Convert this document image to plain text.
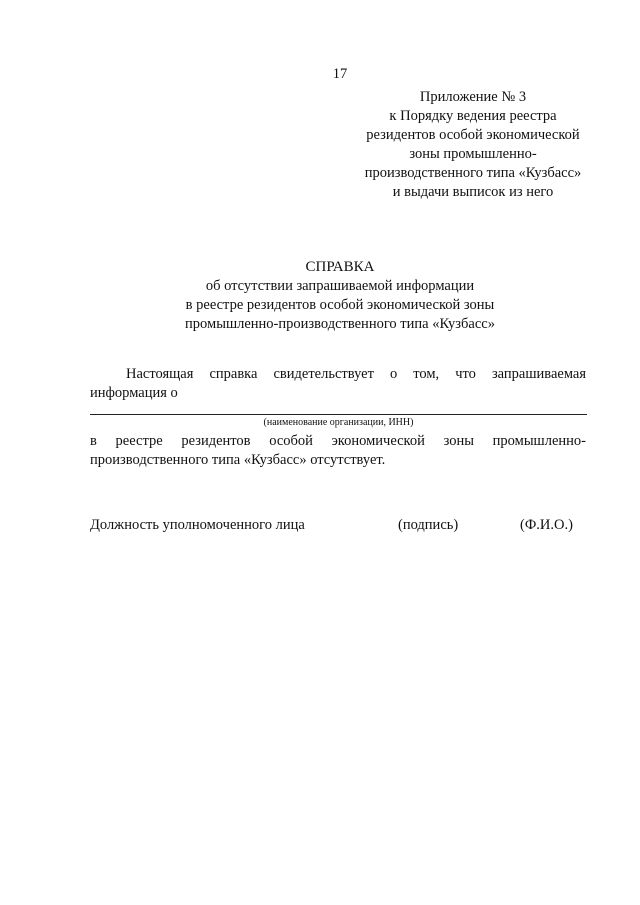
17
Приложение № 3
к Порядку ведения реестра
резидентов особой экономической
зоны промышленно-
производственного типа «Кузбасс»
и выдачи выписок из него
СПРАВКА
об отсутствии запрашиваемой информации
в реестре резидентов особой экономической зоны
промышленно-производственного типа «Кузбасс»
Настоящая справка свидетельствует о том, что запрашиваемая
информация о
(наименование организации, ИНН)
в реестре резидентов особой экономической зоны промышленно-
производственного типа «Кузбасс» отсутствует.
Должность уполномоченного лица	(подпись)	(Ф.И.О.)
